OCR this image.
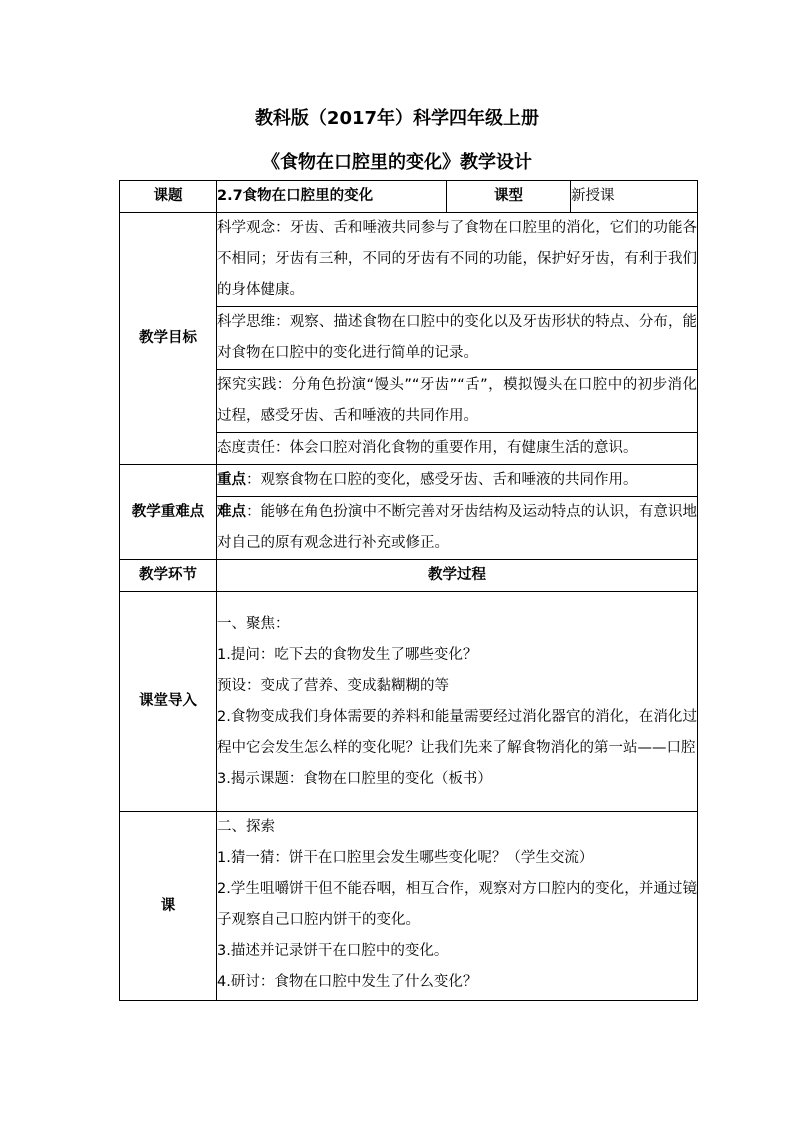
教科版（2017年）科学四年级上册
《食物在口腔里的变化》教学设计
课题	2.7食物在口腔里的变化	课型	新授课
教学目标	科学观念：牙齿、舌和唾液共同参与了食物在口腔里的消化，它们的功能各不相同；牙齿有三种，不同的牙齿有不同的功能，保护好牙齿，有利于我们的身体健康。		
	科学思维：观察、描述食物在口腔中的变化以及牙齿形状的特点、分布，能对食物在口腔中的变化进行简单的记录。		
	探究实践：分角色扮演“馒头”“牙齿”“舌”，模拟馒头在口腔中的初步消化过程，感受牙齿、舌和唾液的共同作用。		
	态度责任：体会口腔对消化食物的重要作用，有健康生活的意识。		
教学重难点	重点：观察食物在口腔的变化，感受牙齿、舌和唾液的共同作用。		
	难点：能够在角色扮演中不断完善对牙齿结构及运动特点的认识，有意识地对自己的原有观念进行补充或修正。		
教学环节	教学过程		
课堂导入	一、聚焦：
1.提问：吃下去的食物发生了哪些变化？
预设：变成了营养、变成黏糊糊的等
2.食物变成我们身体需要的养料和能量需要经过消化器官的消化，在消化过程中它会发生怎么样的变化呢？让我们先来了解食物消化的第一站——口腔
3.揭示课题：食物在口腔里的变化（板书）		

课	二、探索
1.猜一猜：饼干在口腔里会发生哪些变化呢？（学生交流）
2.学生咀嚼饼干但不能吞咽，相互合作，观察对方口腔内的变化，并通过镜子观察自己口腔内饼干的变化。
3.描述并记录饼干在口腔中的变化。
4.研讨：食物在口腔中发生了什么变化？		
